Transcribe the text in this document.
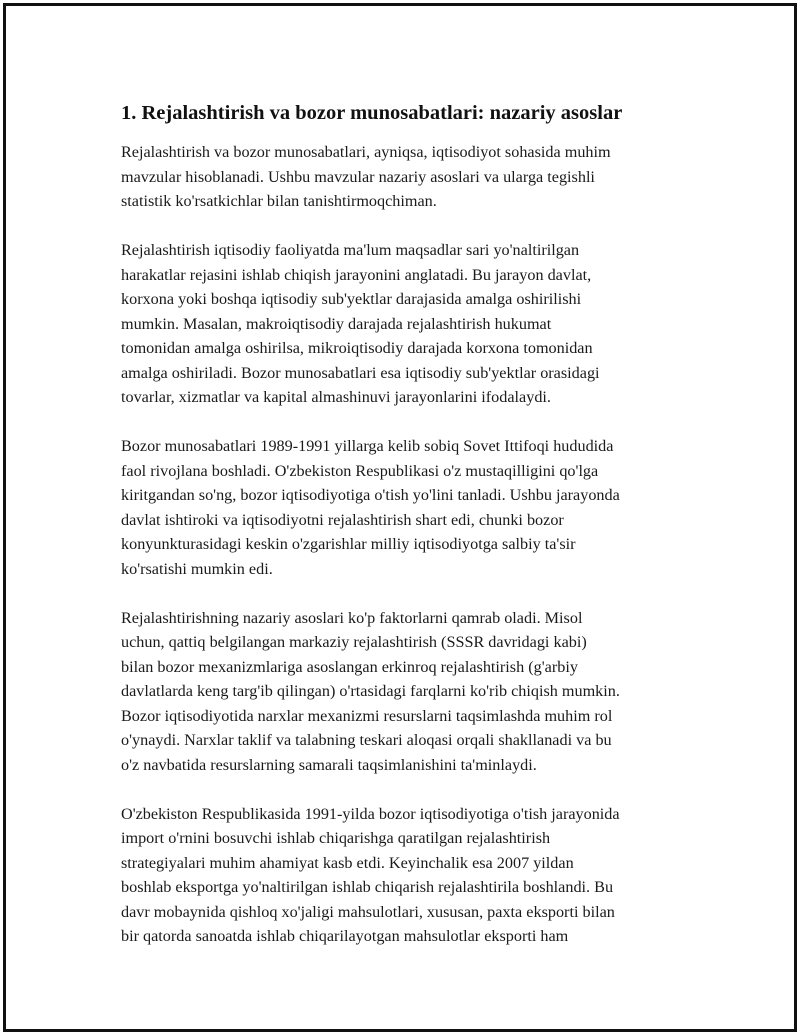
1. Rejalashtirish va bozor munosabatlari: nazariy asoslar

Rejalashtirish va bozor munosabatlari, ayniqsa, iqtisodiyot sohasida muhim
mavzular hisoblanadi. Ushbu mavzular nazariy asoslari va ularga tegishli
statistik ko'rsatkichlar bilan tanishtirmoqchiman.

Rejalashtirish iqtisodiy faoliyatda ma'lum maqsadlar sari yo'naltirilgan
harakatlar rejasini ishlab chiqish jarayonini anglatadi. Bu jarayon davlat,
korxona yoki boshqa iqtisodiy sub'yektlar darajasida amalga oshirilishi
mumkin. Masalan, makroiqtisodiy darajada rejalashtirish hukumat
tomonidan amalga oshirilsa, mikroiqtisodiy darajada korxona tomonidan
amalga oshiriladi. Bozor munosabatlari esa iqtisodiy sub'yektlar orasidagi
tovarlar, xizmatlar va kapital almashinuvi jarayonlarini ifodalaydi.

Bozor munosabatlari 1989-1991 yillarga kelib sobiq Sovet Ittifoqi hududida
faol rivojlana boshladi. O'zbekiston Respublikasi o'z mustaqilligini qo'lga
kiritgandan so'ng, bozor iqtisodiyotiga o'tish yo'lini tanladi. Ushbu jarayonda
davlat ishtiroki va iqtisodiyotni rejalashtirish shart edi, chunki bozor
konyunkturasidagi keskin o'zgarishlar milliy iqtisodiyotga salbiy ta'sir
ko'rsatishi mumkin edi.

Rejalashtirishning nazariy asoslari ko'p faktorlarni qamrab oladi. Misol
uchun, qattiq belgilangan markaziy rejalashtirish (SSSR davridagi kabi)
bilan bozor mexanizmlariga asoslangan erkinroq rejalashtirish (g'arbiy
davlatlarda keng targ'ib qilingan) o'rtasidagi farqlarni ko'rib chiqish mumkin.
Bozor iqtisodiyotida narxlar mexanizmi resurslarni taqsimlashda muhim rol
o'ynaydi. Narxlar taklif va talabning teskari aloqasi orqali shakllanadi va bu
o'z navbatida resurslarning samarali taqsimlanishini ta'minlaydi.

O'zbekiston Respublikasida 1991-yilda bozor iqtisodiyotiga o'tish jarayonida
import o'rnini bosuvchi ishlab chiqarishga qaratilgan rejalashtirish
strategiyalari muhim ahamiyat kasb etdi. Keyinchalik esa 2007 yildan
boshlab eksportga yo'naltirilgan ishlab chiqarish rejalashtirila boshlandi. Bu
davr mobaynida qishloq xo'jaligi mahsulotlari, xususan, paxta eksporti bilan
bir qatorda sanoatda ishlab chiqarilayotgan mahsulotlar eksporti ham
